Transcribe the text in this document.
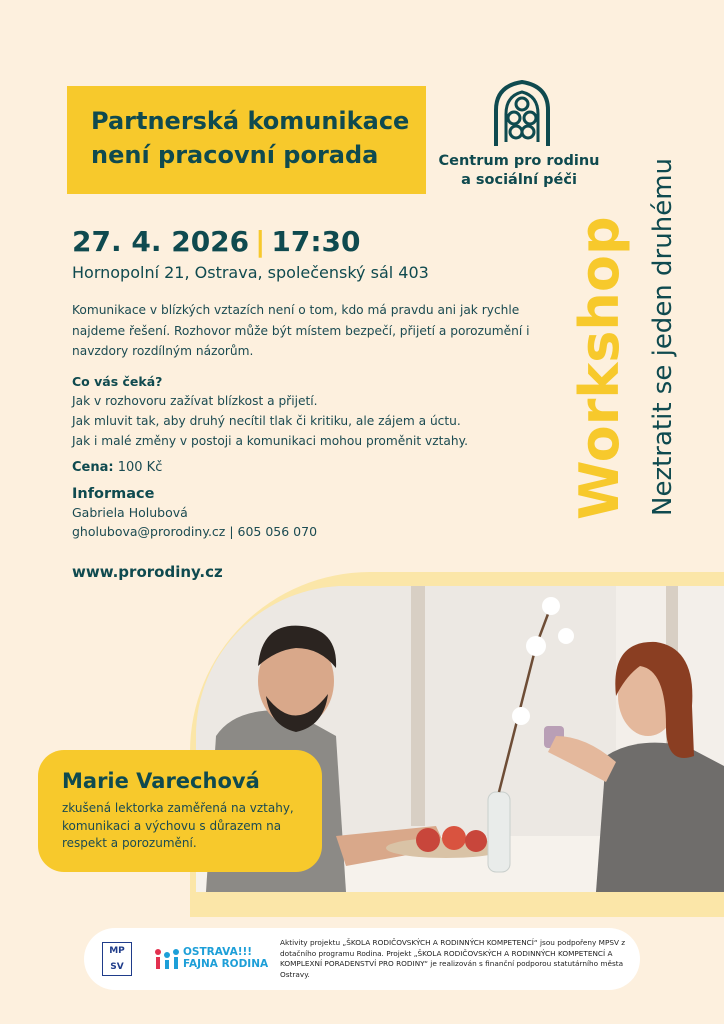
Partnerská komunikace
není pracovní porada	Centrum pro rodinu
a sociální péči
27. 4. 2026 | 17:30
Hornopolní 21, Ostrava, společenský sál 403
Komunikace v blízkých vztazích není o tom, kdo má pravdu ani jak rychle najdeme řešení. Rozhovor může být místem bezpečí, přijetí a porozumění i navzdory rozdílným názorům.
Co vás čeká?
Jak v rozhovoru zažívat blízkost a přijetí.
Jak mluvit tak, aby druhý necítil tlak či kritiku, ale zájem a úctu.
Jak i malé změny v postoji a komunikaci mohou proměnit vztahy.
Cena: 100 Kč
Informace
Gabriela Holubová
gholubova@prorodiny.cz | 605 056 070
www.prorodiny.cz
Workshop Neztratit se jeden druhému
Marie Varechová
zkušená lektorka zaměřená na vztahy, komunikaci a výchovu s důrazem na respekt a porozumění.
MP
SV
OSTRAVA!!!
FAJNA RODINA
Aktivity projektu „ŠKOLA RODIČOVSKÝCH A RODINNÝCH KOMPETENCÍ“ jsou podpořeny MPSV z dotačního programu Rodina. Projekt „ŠKOLA RODIČOVSKÝCH A RODINNÝCH KOMPETENCÍ A KOMPLEXNÍ PORADENSTVÍ PRO RODINY“ je realizován s finanční podporou statutárního města Ostravy.
